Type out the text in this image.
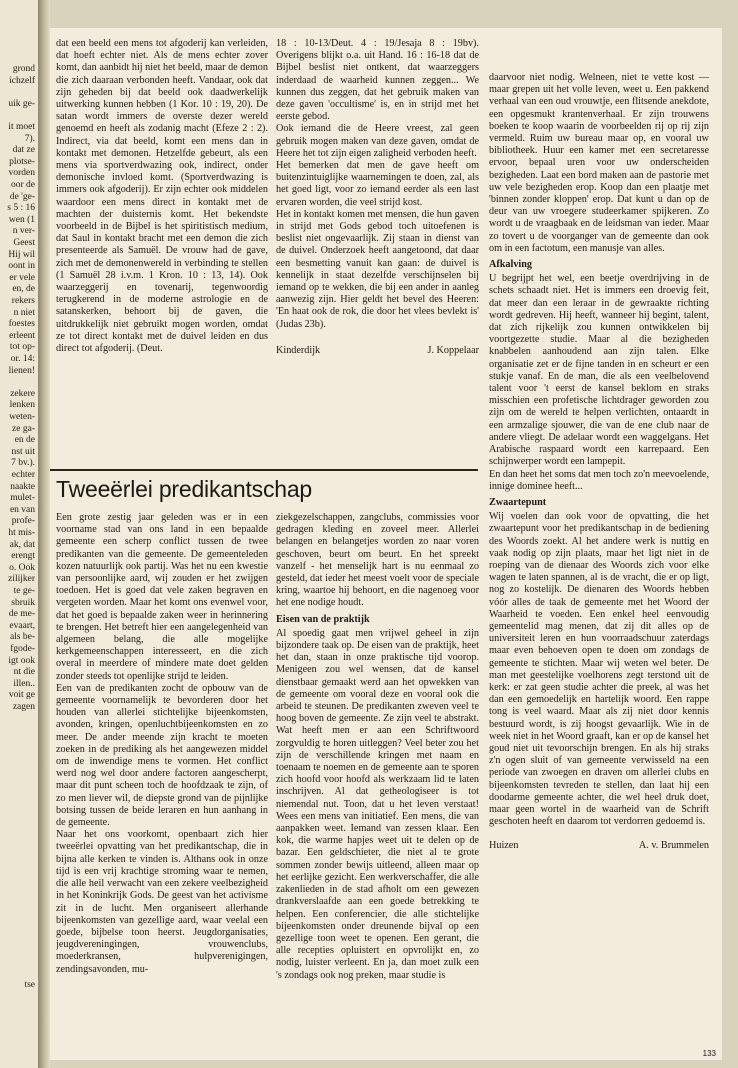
grond
ichzelf
uik ge-
it moet
7).
dat ze
plotse-
vorden
oor de
de 'ge-
s 5 : 16
wen (1
n ver-
Geest
Hij wil
oont in
er vele
en, de
rekers
n niet
foestes
erleent
tot op-
or. 14:
lienen!
zekere
lenken
weten-
ze ga-
en de
nst uit
7 bv.).
echter
naakte
mulet-
en van
profe-
ht mis-
ak, dat
erengt
o. Ook
zilijker
te ge-
sbruik
de me-
evaart,
als be-
fgode-
igt ook
nt die
illen..
voit ge
zagen
tse

dat een beeld een mens tot afgoderij kan verleiden, dat hoeft echter niet. Als de mens echter zover komt, dan aanbidt hij niet het beeld, maar de demon die zich daaraan verbonden heeft. Vandaar, ook dat zijn geheden bij dat beeld ook daadwerkelijk uitwerking kunnen hebben (1 Kor. 10 : 19, 20). De satan wordt immers de overste dezer wereld genoemd en heeft als zodanig macht (Efeze 2 : 2). Indirect, via dat beeld, komt een mens dan in kontakt met demonen. Hetzelfde gebeurt, als een mens via sportverdwazing ook, indirect, onder demonische invloed komt. (Sportverdwazing is immers ook afgoderij). Er zijn echter ook middelen waardoor een mens direct in kontakt met de machten der duisternis komt. Het bekendste voorbeeld in de Bijbel is het spiritistisch medium, dat Saul in kontakt bracht met een demon die zich presenteerde als Samuël. De vrouw had de gave, zich met de demonenwereld in verbinding te stellen (1 Samuël 28 i.v.m. 1 Kron. 10 : 13, 14). Ook waarzeggerij en tovenarij, tegenwoordig terugkerend in de moderne astrologie en de satanskerken, behoort bij de gaven, die uitdrukkelijk niet gebruikt mogen worden, omdat ze tot direct kontakt met de duivel leiden en dus direct tot afgoderij. (Deut.

18 : 10-13/Deut. 4 : 19/Jesaja 8 : 19bv). Overigens blijkt o.a. uit Hand. 16 : 16-18 dat de Bijbel beslist niet ontkent, dat waarzeggers inderdaad de waarheid kunnen zeggen... We kunnen dus zeggen, dat het gebruik maken van deze gaven 'occultisme' is, en in strijd met het eerste gebod.

Ook iemand die de Heere vreest, zal geen gebruik mogen maken van deze gaven, omdat de Heere het tot zijn eigen zaligheid verboden heeft.

Het bemerken dat men de gave heeft om buitenzintuiglijke waarnemingen te doen, zal, als het goed ligt, voor zo iemand eerder als een last ervaren worden, die veel strijd kost.

Het in kontakt komen met mensen, die hun gaven in strijd met Gods gebod toch uitoefenen is beslist niet ongevaarlijk. Zij staan in dienst van de duivel. Onderzoek heeft aangetoond, dat daar een besmetting vanuit kan gaan: de duivel is kennelijk in staat dezelfde verschijnselen bij iemand op te wekken, die bij een ander in aanleg aanwezig zijn. Hier geldt het bevel des Heeren: 'En haat ook de rok, die door het vlees bevlekt is' (Judas 23b).

Kinderdijk	J. Koppelaar
Tweeërlei predikantschap

Een grote zestig jaar geleden was er in een voorname stad van ons land in een bepaalde gemeente een scherp conflict tussen de twee predikanten van die gemeente. De gemeenteleden kozen natuurlijk ook partij. Was het nu een kwestie van persoonlijke aard, wij zouden er het zwijgen toedoen. Het is goed dat vele zaken begraven en vergeten worden. Maar het komt ons evenwel voor, dat het goed is bepaalde zaken weer in herinnering te brengen. Het betreft hier een aangelegenheid van algemeen belang, die alle mogelijke kerkgemeenschappen interesseert, en die zich overal in meerdere of mindere mate doet gelden zonder steeds tot openlijke strijd te leiden.

Een van de predikanten zocht de opbouw van de gemeente voornamelijk te bevorderen door het houden van allerlei stichtelijke bijeenkomsten, avonden, kringen, openluchtbijeenkomsten en zo meer. De ander meende zijn kracht te moeten zoeken in de prediking als het aangewezen middel om de inwendige mens te vormen. Het conflict werd nog wel door andere factoren aangescherpt, maar dit punt scheen toch de hoofdzaak te zijn, of zo men liever wil, de diepste grond van de pijnlijke botsing tussen de beide leraren en hun aanhang in de gemeente.

Naar het ons voorkomt, openbaart zich hier tweeërlei opvatting van het predikantschap, die in bijna alle kerken te vinden is. Althans ook in onze tijd is een vrij krachtige stroming waar te nemen, die alle heil verwacht van een zekere veelbezigheid in het Koninkrijk Gods. De geest van het activisme zit in de lucht. Men organiseert allerhande bijeenkomsten van gezellige aard, waar veelal een goede, bijbelse toon heerst. Jeugdorganisaties, jeugdvereningingen, vrouwenclubs, moederkransen, hulpverenigingen, zendingsavonden, mu-

ziekgezelschappen, zangclubs, commissies voor gedragen kleding en zoveel meer. Allerlei belangen en belangetjes worden zo naar voren geschoven, beurt om beurt. En het spreekt vanzelf - het menselijk hart is nu eenmaal zo gesteld, dat ieder het meest voelt voor de speciale kring, waartoe hij behoort, en die nagenoeg voor het ene nodige houdt.

Eisen van de praktijk

Al spoedig gaat men vrijwel geheel in zijn bijzondere taak op. De eisen van de praktijk, heet het dan, staan in onze praktische tijd voorop. Menigeen zou wel wensen, dat de kansel dienstbaar gemaakt werd aan het opwekken van de gemeente om vooral deze en vooral ook die arbeid te steunen. De predikanten zweven veel te hoog boven de gemeente. Ze zijn veel te abstrakt. Wat heeft men er aan een Schriftwoord zorgvuldig te horen uitleggen? Veel beter zou het zijn de verschillende kringen met naam en toenaam te noemen en de gemeente aan te sporen zich hoofd voor hoofd als werkzaam lid te laten inschrijven. Al dat getheologiseer is tot niemendal nut. Toon, dat u het leven verstaat! Wees een mens van initiatief. Een mens, die van aanpakken weet. Iemand van zessen klaar. Een kok, die warme hapjes weet uit te delen op de bazar. Een geldschieter, die niet al te grote sommen zonder bewijs uitleend, alleen maar op het eerlijke gezicht. Een werkverschaffer, die alle zakenlieden in de stad afholt om een gewezen drankverslaafde aan een goede betrekking te helpen. Een conferencier, die alle stichtelijke bijeenkomsten onder dreunende bijval op een gezellige toon weet te openen. Een gerant, die alle recepties opluistert en opvrolijkt en, zo nodig, luister verleent. En ja, dan moet zulk een 's zondags ook nog preken, maar studie is

daarvoor niet nodig. Welneen, niet te vette kost — maar grepen uit het volle leven, weet u. Een pakkend verhaal van een oud vrouwtje, een flitsende anekdote, een opgesmukt krantenverhaal. Er zijn trouwens boeken te koop waarin de voorbeelden rij op rij zijn vermeld. Ruim uw bureau maar op, en vooral uw bibliotheek. Huur een kamer met een secretaresse ervoor, bepaal uren voor uw onderscheiden bezigheden. Laat een bord maken aan de pastorie met uw vele bezigheden erop. Koop dan een plaatje met 'binnen zonder kloppen' erop. Dat kunt u dan op de deur van uw vroegere studeerkamer spijkeren. Zo wordt u de vraagbaak en de leidsman van ieder. Maar zo tovert u de voorganger van de gemeente dan ook om in een factotum, een manusje van alles.

Afkalving

U begrijpt het wel, een beetje overdrijving in de schets schaadt niet. Het is immers een droevig feit, dat meer dan een leraar in de gewraakte richting wordt gedreven. Hij heeft, wanneer hij begint, talent, dat zich rijkelijk zou kunnen ontwikkelen bij voortgezette studie. Maar al die bezigheden knabbelen aanhoudend aan zijn talen. Elke organisatie zet er de fijne tanden in en scheurt er een stukje vanaf. En de man, die als een veelbelovend talent voor 't eerst de kansel beklom en straks misschien een profetische lichtdrager geworden zou zijn om de wereld te helpen verlichten, ontaardt in een armzalige sjouwer, die van de ene club naar de andere vliegt. De adelaar wordt een waggelgans. Het Arabische raspaard wordt een karrepaard. Een schijnwerper wordt een lampepit.

En dan heet het soms dat men toch zo'n meevoelende, innige dominee heeft...

Zwaartepunt

Wij voelen dan ook voor de opvatting, die het zwaartepunt voor het predikantschap in de bediening des Woords zoekt. Al het andere werk is nuttig en vaak nodig op zijn plaats, maar het ligt niet in de roeping van de dienaar des Woords zich voor elke wagen te laten spannen, al is de vracht, die er op ligt, nog zo kostelijk. De dienaren des Woords hebben vóór alles de taak de gemeente met het Woord der Waarheid te voeden. Een enkel heel eenvoudig gemeentelid mag menen, dat zij dit alles op de universiteit leren en hun voorraadschuur zaterdags maar even behoeven open te doen om zondags de gemeente te stichten. Maar wij weten wel beter. De man met geestelijke voelhorens zegt terstond uit de kerk: er zat geen studie achter die preek, al was het dan een gemoedelijk en hartelijk woord. Een rappe tong is veel waard. Maar als zij niet door kennis bestuurd wordt, is zij hoogst gevaarlijk. Wie in de week niet in het Woord graaft, kan er op de kansel het goud niet uit tevoorschijn brengen. En als hij straks z'n ogen sluit of van gemeente verwisseld na een periode van zwoegen en draven om allerlei clubs en bijeenkomsten tevreden te stellen, dan laat hij een doodarme gemeente achter, die wel heel druk doet, maar geen wortel in de waarheid van de Schrift geschoten heeft en daarom tot verdorren gedoemd is.

Huizen	A. v. Brummelen
133
